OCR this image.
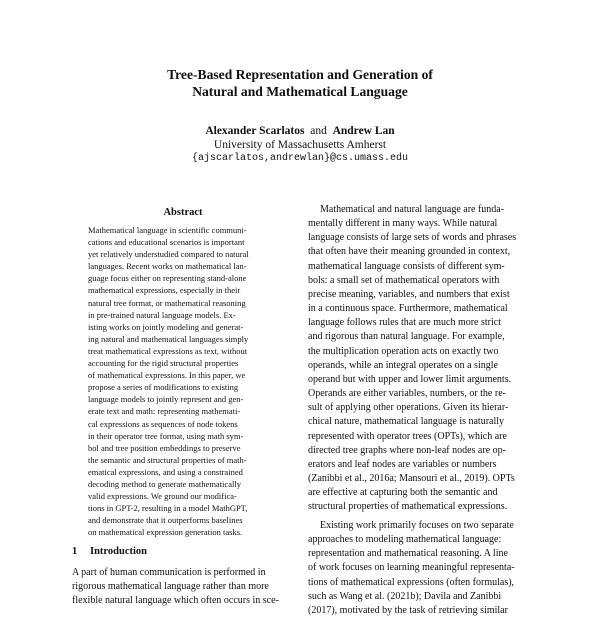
Tree-Based Representation and Generation of
Natural and Mathematical Language
Alexander Scarlatos and Andrew Lan
University of Massachusetts Amherst
{ajscarlatos,andrewlan}@cs.umass.edu
Abstract
Mathematical language in scientific communi-
cations and educational scenarios is important
yet relatively understudied compared to natural
languages. Recent works on mathematical lan-
guage focus either on representing stand-alone
mathematical expressions, especially in their
natural tree format, or mathematical reasoning
in pre-trained natural language models. Ex-
isting works on jointly modeling and generat-
ing natural and mathematical languages simply
treat mathematical expressions as text, without
accounting for the rigid structural properties
of mathematical expressions. In this paper, we
propose a series of modifications to existing
language models to jointly represent and gen-
erate text and math: representing mathemati-
cal expressions as sequences of node tokens
in their operator tree format, using math sym-
bol and tree position embeddings to preserve
the semantic and structural properties of math-
ematical expressions, and using a constrained
decoding method to generate mathematically
valid expressions. We ground our modifica-
tions in GPT-2, resulting in a model MathGPT,
and demonstrate that it outperforms baselines
on mathematical expression generation tasks.
1 Introduction
A part of human communication is performed in
rigorous mathematical language rather than more
flexible natural language which often occurs in sce-

Mathematical and natural language are funda-
mentally different in many ways. While natural
language consists of large sets of words and phrases
that often have their meaning grounded in context,
mathematical language consists of different sym-
bols: a small set of mathematical operators with
precise meaning, variables, and numbers that exist
in a continuous space. Furthermore, mathematical
language follows rules that are much more strict
and rigorous than natural language. For example,
the multiplication operation acts on exactly two
operands, while an integral operates on a single
operand but with upper and lower limit arguments.
Operands are either variables, numbers, or the re-
sult of applying other operations. Given its hierar-
chical nature, mathematical language is naturally
represented with operator trees (OPTs), which are
directed tree graphs where non-leaf nodes are op-
erators and leaf nodes are variables or numbers
(Zanibbi et al., 2016a; Mansouri et al., 2019). OPTs
are effective at capturing both the semantic and
structural properties of mathematical expressions.

Existing work primarily focuses on two separate
approaches to modeling mathematical language:
representation and mathematical reasoning. A line
of work focuses on learning meaningful representa-
tions of mathematical expressions (often formulas),
such as Wang et al. (2021b); Davila and Zanibbi
(2017), motivated by the task of retrieving similar
